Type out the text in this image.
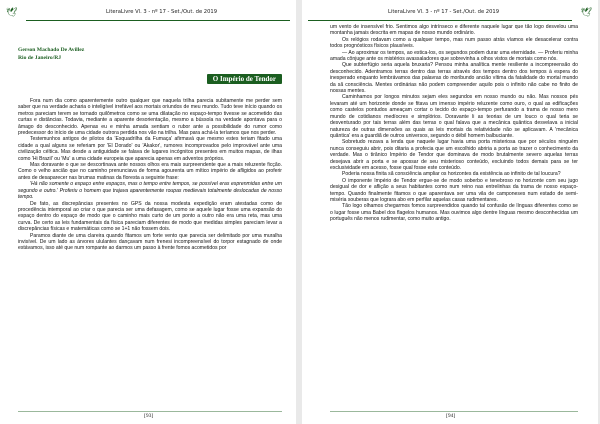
🕊	LiteraLivre Vl. 3 - nº 17 - Set./Out. de 2019
Gerson Machado De Avillez
Rio de Janeiro/RJ
O Império de Tendor

Fora num dia como aparentemente outro qualquer que naquela trilha parecia subitamente me perder sem saber que na verdade acharia o inteligível irrefável aos mortais oriundos de meu mundo. Tudo teve início quando os metros pareciam terem se tornado quilômetros como se uma dilatação no espaço-tempo tivesse se acometido das curtas e distâncias. Todavia, mediante a aparente desorientação, mesmo a bússola na verdade apontava para o âmago do desconhecido. Apenas eu e minha amada sentiam o rubor ante a possibilidade do rumor como predecessor do início de uma cidade outrora perdida nos vão na trilha. Mas para achá-la teríamos que nos perder.

Testemunhos antigos de pilotos da 'Esquadrilha da Fumaça' afirmavá que mesmo estes teriam fitado uma cidade a qual alguns se referiam por 'El Dorado' ou 'Akakor', rumores incomprovados pelo improvável ante uma civilização céltica. Mas desde a antiguidade se falava de lugares incógnitos presentes em muitos mapas, de ilhas como 'Hi Brazil' ou 'Mu' a uma cidade europeia que aparecia apenas em adventos próprios.

Mas doravante o que se descortinava ante nossos olhos era mais surpreendente que a mais reluzente ficção. Como o velho ancião que no caminho prenunciava de forma agourenta um mítico império de afligidos ao proferir antes de desaparecer nas brumas matinas da floresta a seguinte frase:

'Há não somente o espaço entre espaços, mas o tempo entre tempos, se possível eras esprenmidas entre um segundo e outro.' Proferiu o homem que trajava aparentemente roupas medievais totalmente deslocadas de nosso tempo.

De fato, as discrepâncias presentes no GPS da nossa modesta expedição eram atestadas como de procedência intemporal ao criar o que parecia ser uma defasagem, como se aquele lugar fosse uma expansão do espaço dentro do espaço de modo que o caminho mais curto de um ponto a outro não era uma reta, mas uma curva. De certo as leis fundamentais da física pareciam diferentes de modo que medidas simples pareciam levar a discrepâncias físicas e matemáticas como se 1+1 não fossem dois.

Paramos diante de uma clareira quando fitamos um forte vento que parecia ser delimitado por uma muralha invisível. De um lado as árvores ululantes dançavam num frenesi incompreensível do torpor estagnado de onde estávamos, isso até que num rompante ao darmos um passo à frente fomos acometidos por

[93]
🕊
LiteraLivre Vl. 3 - nº 17 - Set./Out. de 2019

um vento de insensível frio. Sentimos algo intrínseco e diferente naquele lugar que tão logo desvelou uma montanha jamais descrita em mapas de nosso mundo ordinário.

Os relógios rodavam como a qualquer tempo, mas num passo atrás víamos ele desacelerar contra todos prognósticos físicos plausíveis.

— Ao aproximar os tempos, ao estica-los, os segundos podem durar uma eternidade. — Proferiu minha amada cônjuge ante os mistérios avassaladores que sobrevinha a olhos vistos de mortais como nós.

Que subterfúgio seria aquela bruxaria? Pensou minha analítica mente resiliente a incompreensão do desconhecido. Adentramos terras dentro das terras através dos tempos dentro dos tempos à espera do inesperado enquanto lembrávamos das palavras do moribundo ancião vítima da fatalidade do mortal mundo da sã consciência. Mentes ordinárias não podem compreender aquilo pois o infinito não cabe no finito de nossas mentes.

Caminhamos por longos minutos sejam eles segundos em nosso mundo ou não. Mas nossos pés levaram até um horizonte donde se fitava um imenso império reluzente como ouro, o qual as edificações como castelos pontudos ameaçam cortar o tecido do espaço-tempo perfurando a trama de nosso mero mundo de cotidianos medíocres e simplórios. Doravante li as teorias de um louco o qual teria se desventurado por tais terras além das terras o qual falava que a mecânica quântica desvelava a inicial natureza de outras dimensões as quais as leis mortais da relatividade não se aplicavam. A 'mecânica quântica' era a guardiã de outros universos, segundo o débil homem balbuciante.

Sobretudo rezava a lenda que naquele lugar havia uma porta misteriosa que por séculos ninguém nunca conseguiu abrir, pois ditaria a profecia que um escolhido abriria a porta ao trazer o conhecimento da verdade. Mas o tirânico Império de Tendor que dominava de modo brutalmente severo aquelas terras desejava abrir a porta e se apossar de seu misterioso conteúdo, excluindo todos demais para se ter exclusividade em acesso, fosse qual fosse este conteúdo.

Poderia nossa finita sã consciência ampliar os horizontes da existência ao infinito de tal loucura?

O imponente Império de Tendor ergue-se de modo soberbo e tenebroso no horizonte com seu jugo desigual de dor e aflição a seus habitantes como num reino nas entrelinhas da trama de nosso espaço-tempo. Quando finalmente fitamos o que aparentava ser uma vila de camponeses num estado de semi-miséria souberas que lograra abo em perfilar aquelas casas rudimentares.

Tão logo olhamos chegarmos fomos surpreendidos quando tal confusão de línguas diferentes como se o lugar fosse uma Babel dos flagelos humanos. Mas ouvimos algo dentre línguas mesmo desconhecidas um português não menos rudimentar, como muito antigo.

[94]
